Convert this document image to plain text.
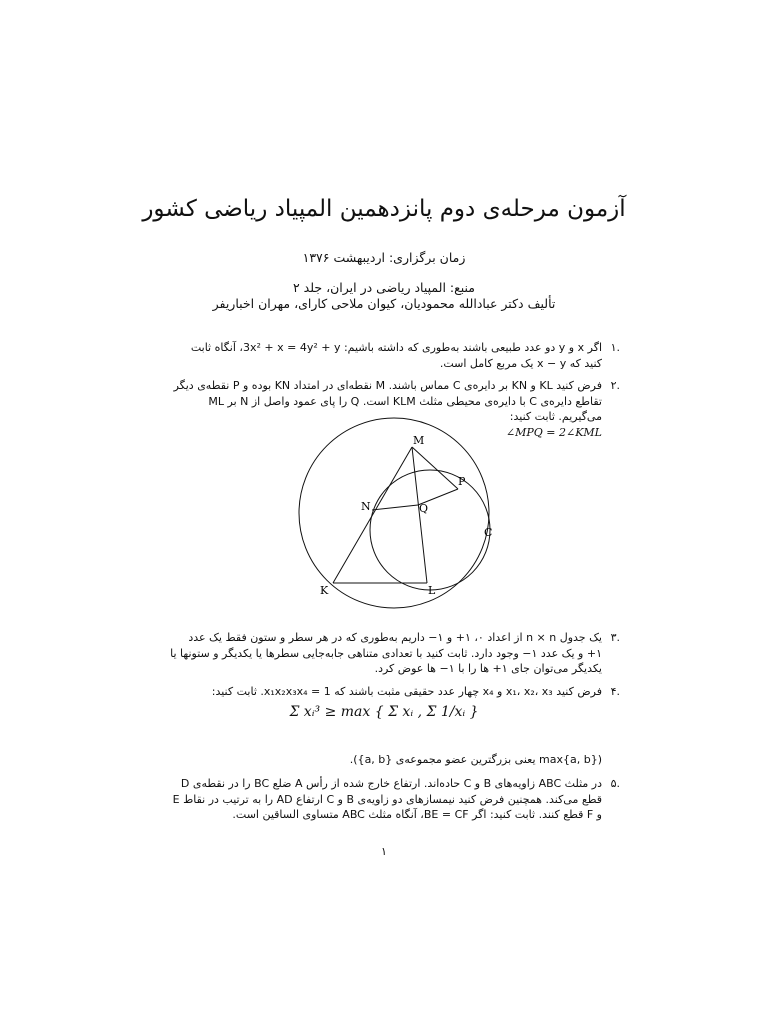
آزمون مرحله‌ی دوم پانزدهمین المپیاد ریاضی کشور
زمان برگزاری: اردیبهشت ۱۳۷۶
منبع: المپیاد ریاضی در ایران، جلد ۲
تألیف دکتر عبادالله محمودیان، کیوان ملاحی کارای، مهران اخباریفر
.۱
اگر x و y دو عدد طبیعی باشند به‌طوری که داشته باشیم: 3x² + x = 4y² + y، آنگاه ثابت کنید که x − y یک مربع کامل است.
.۲
فرض کنید KL و KN بر دایره‌ی C مماس باشند. M نقطه‌ای در امتداد KN بوده و P نقطه‌ی دیگر تقاطع دایره‌ی C با دایره‌ی محیطی مثلث KLM است. Q را پای عمود واصل از N بر ML می‌گیریم. ثابت کنید:
∠MPQ = 2∠KML
M
P
N	Q
C
K	L
.۳
یک جدول n × n از اعداد ۰، ۱+ و ۱− داریم به‌طوری که در هر سطر و ستون فقط یک عدد ۱+ و یک عدد ۱− وجود دارد. ثابت کنید با تعدادی متناهی جابه‌جایی سطرها یا یکدیگر و ستونها یا یکدیگر می‌توان جای ۱+ ها را با ۱− ها عوض کرد.
.۴
فرض کنید x₁، x₂، x₃ و x₄ چهار عدد حقیقی مثبت باشند که x₁x₂x₃x₄ = 1. ثابت کنید:
Σ xᵢ³ ≥ max { Σ xᵢ , Σ 1/xᵢ }
(max{a, b} یعنی بزرگترین عضو مجموعه‌ی {a, b}).
.۵
در مثلث ABC زاویه‌های B و C حاده‌اند. ارتفاع خارج شده از رأس A ضلع BC را در نقطه‌ی D قطع می‌کند. همچنین فرض کنید نیمسازهای دو زاویه‌ی B و C ارتفاع AD را به ترتیب در نقاط E و F قطع کنند. ثابت کنید: اگر BE = CF، آنگاه مثلث ABC متساوی الساقین است.
۱
